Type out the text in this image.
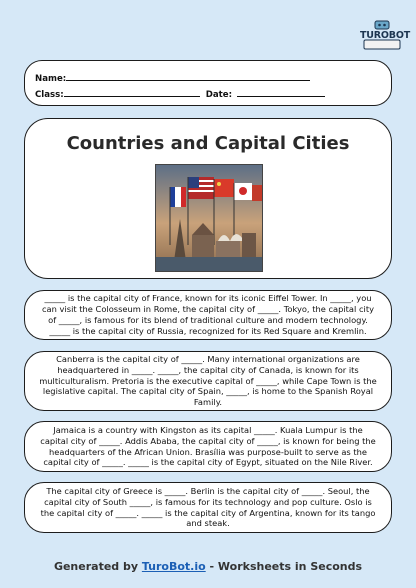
TUROBOT
Name:
Class:	Date:
Countries and Capital Cities

_____ is the capital city of France, known for its iconic Eiffel Tower. In _____, you can visit the Colosseum in Rome, the capital city of _____. Tokyo, the capital city of _____, is famous for its blend of traditional culture and modern technology. _____ is the capital city of Russia, recognized for its Red Square and Kremlin.

Canberra is the capital city of _____. Many international organizations are headquartered in _____. _____, the capital city of Canada, is known for its multiculturalism. Pretoria is the executive capital of _____, while Cape Town is the legislative capital. The capital city of Spain, _____, is home to the Spanish Royal Family.

Jamaica is a country with Kingston as its capital _____. Kuala Lumpur is the capital city of _____. Addis Ababa, the capital city of _____, is known for being the headquarters of the African Union. Brasília was purpose-built to serve as the capital city of _____. _____ is the capital city of Egypt, situated on the Nile River.

The capital city of Greece is _____. Berlin is the capital city of _____. Seoul, the capital city of South _____, is famous for its technology and pop culture. Oslo is the capital city of _____. _____ is the capital city of Argentina, known for its tango and steak.

Generated by TuroBot.io - Worksheets in Seconds
